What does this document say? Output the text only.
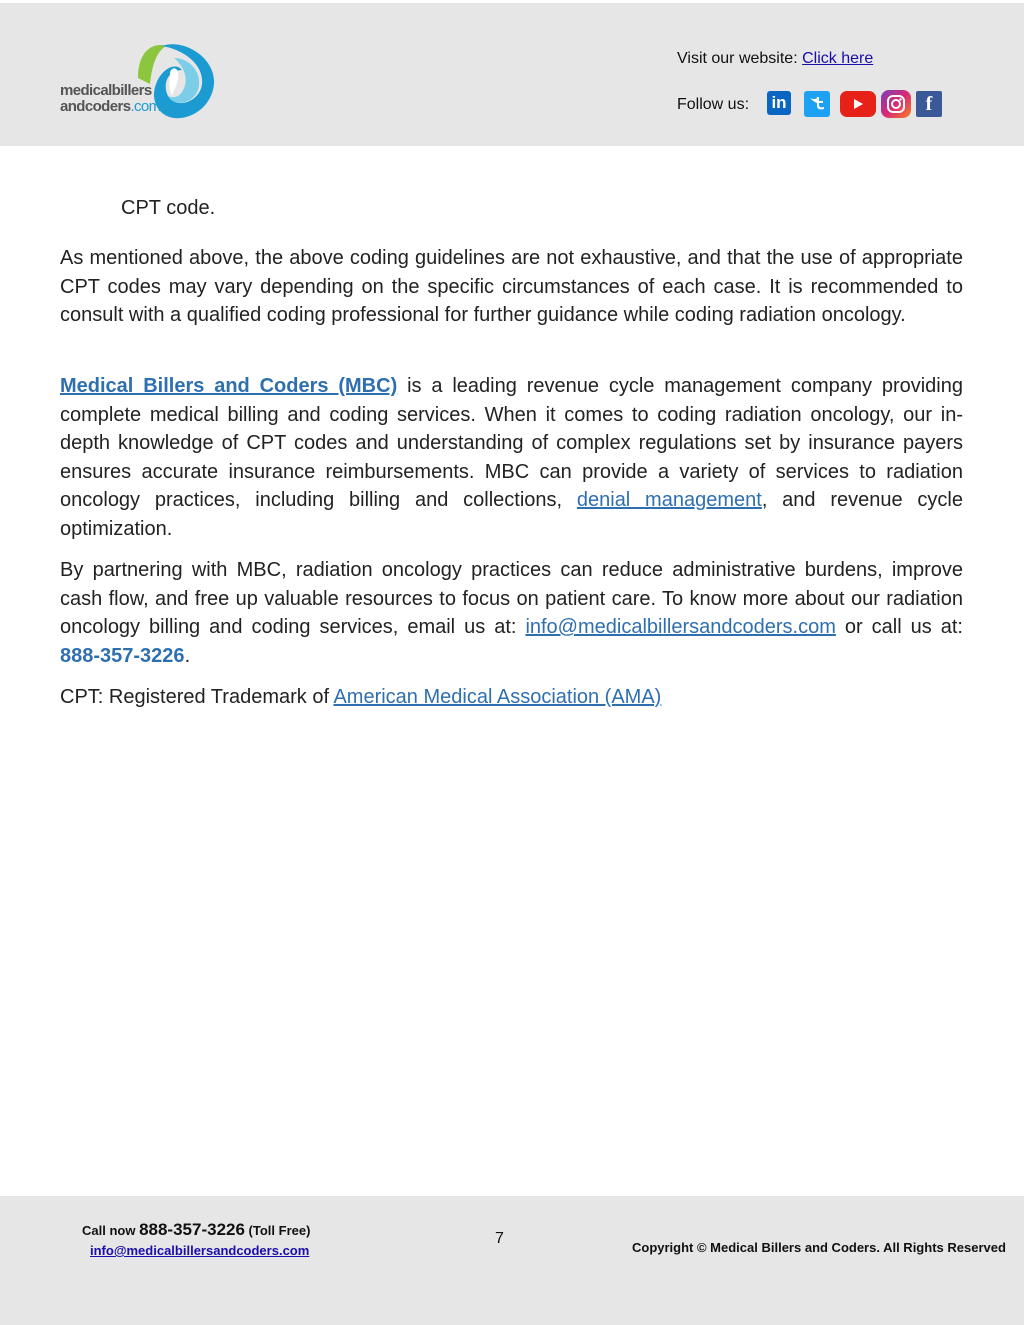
medicalbillers
andcoders.com
Visit our website: Click here
Follow us: in	f
CPT code.

As mentioned above, the above coding guidelines are not exhaustive, and that the use of appropriate CPT codes may vary depending on the specific circumstances of each case. It is recommended to consult with a qualified coding professional for further guidance while coding radiation oncology.

Medical Billers and Coders (MBC) is a leading revenue cycle management company providing complete medical billing and coding services. When it comes to coding radiation oncology, our in-depth knowledge of CPT codes and understanding of complex regulations set by insurance payers ensures accurate insurance reimbursements. MBC can provide a variety of services to radiation oncology practices, including billing and collections, denial management, and revenue cycle optimization.

By partnering with MBC, radiation oncology practices can reduce administrative burdens, improve cash flow, and free up valuable resources to focus on patient care. To know more about our radiation oncology billing and coding services, email us at: info@medicalbillersandcoders.com or call us at: 888-357-3226.

CPT: Registered Trademark of American Medical Association (AMA)

Call now 888-357-3226 (Toll Free)
info@medicalbillersandcoders.com
7
Copyright © Medical Billers and Coders. All Rights Reserved
